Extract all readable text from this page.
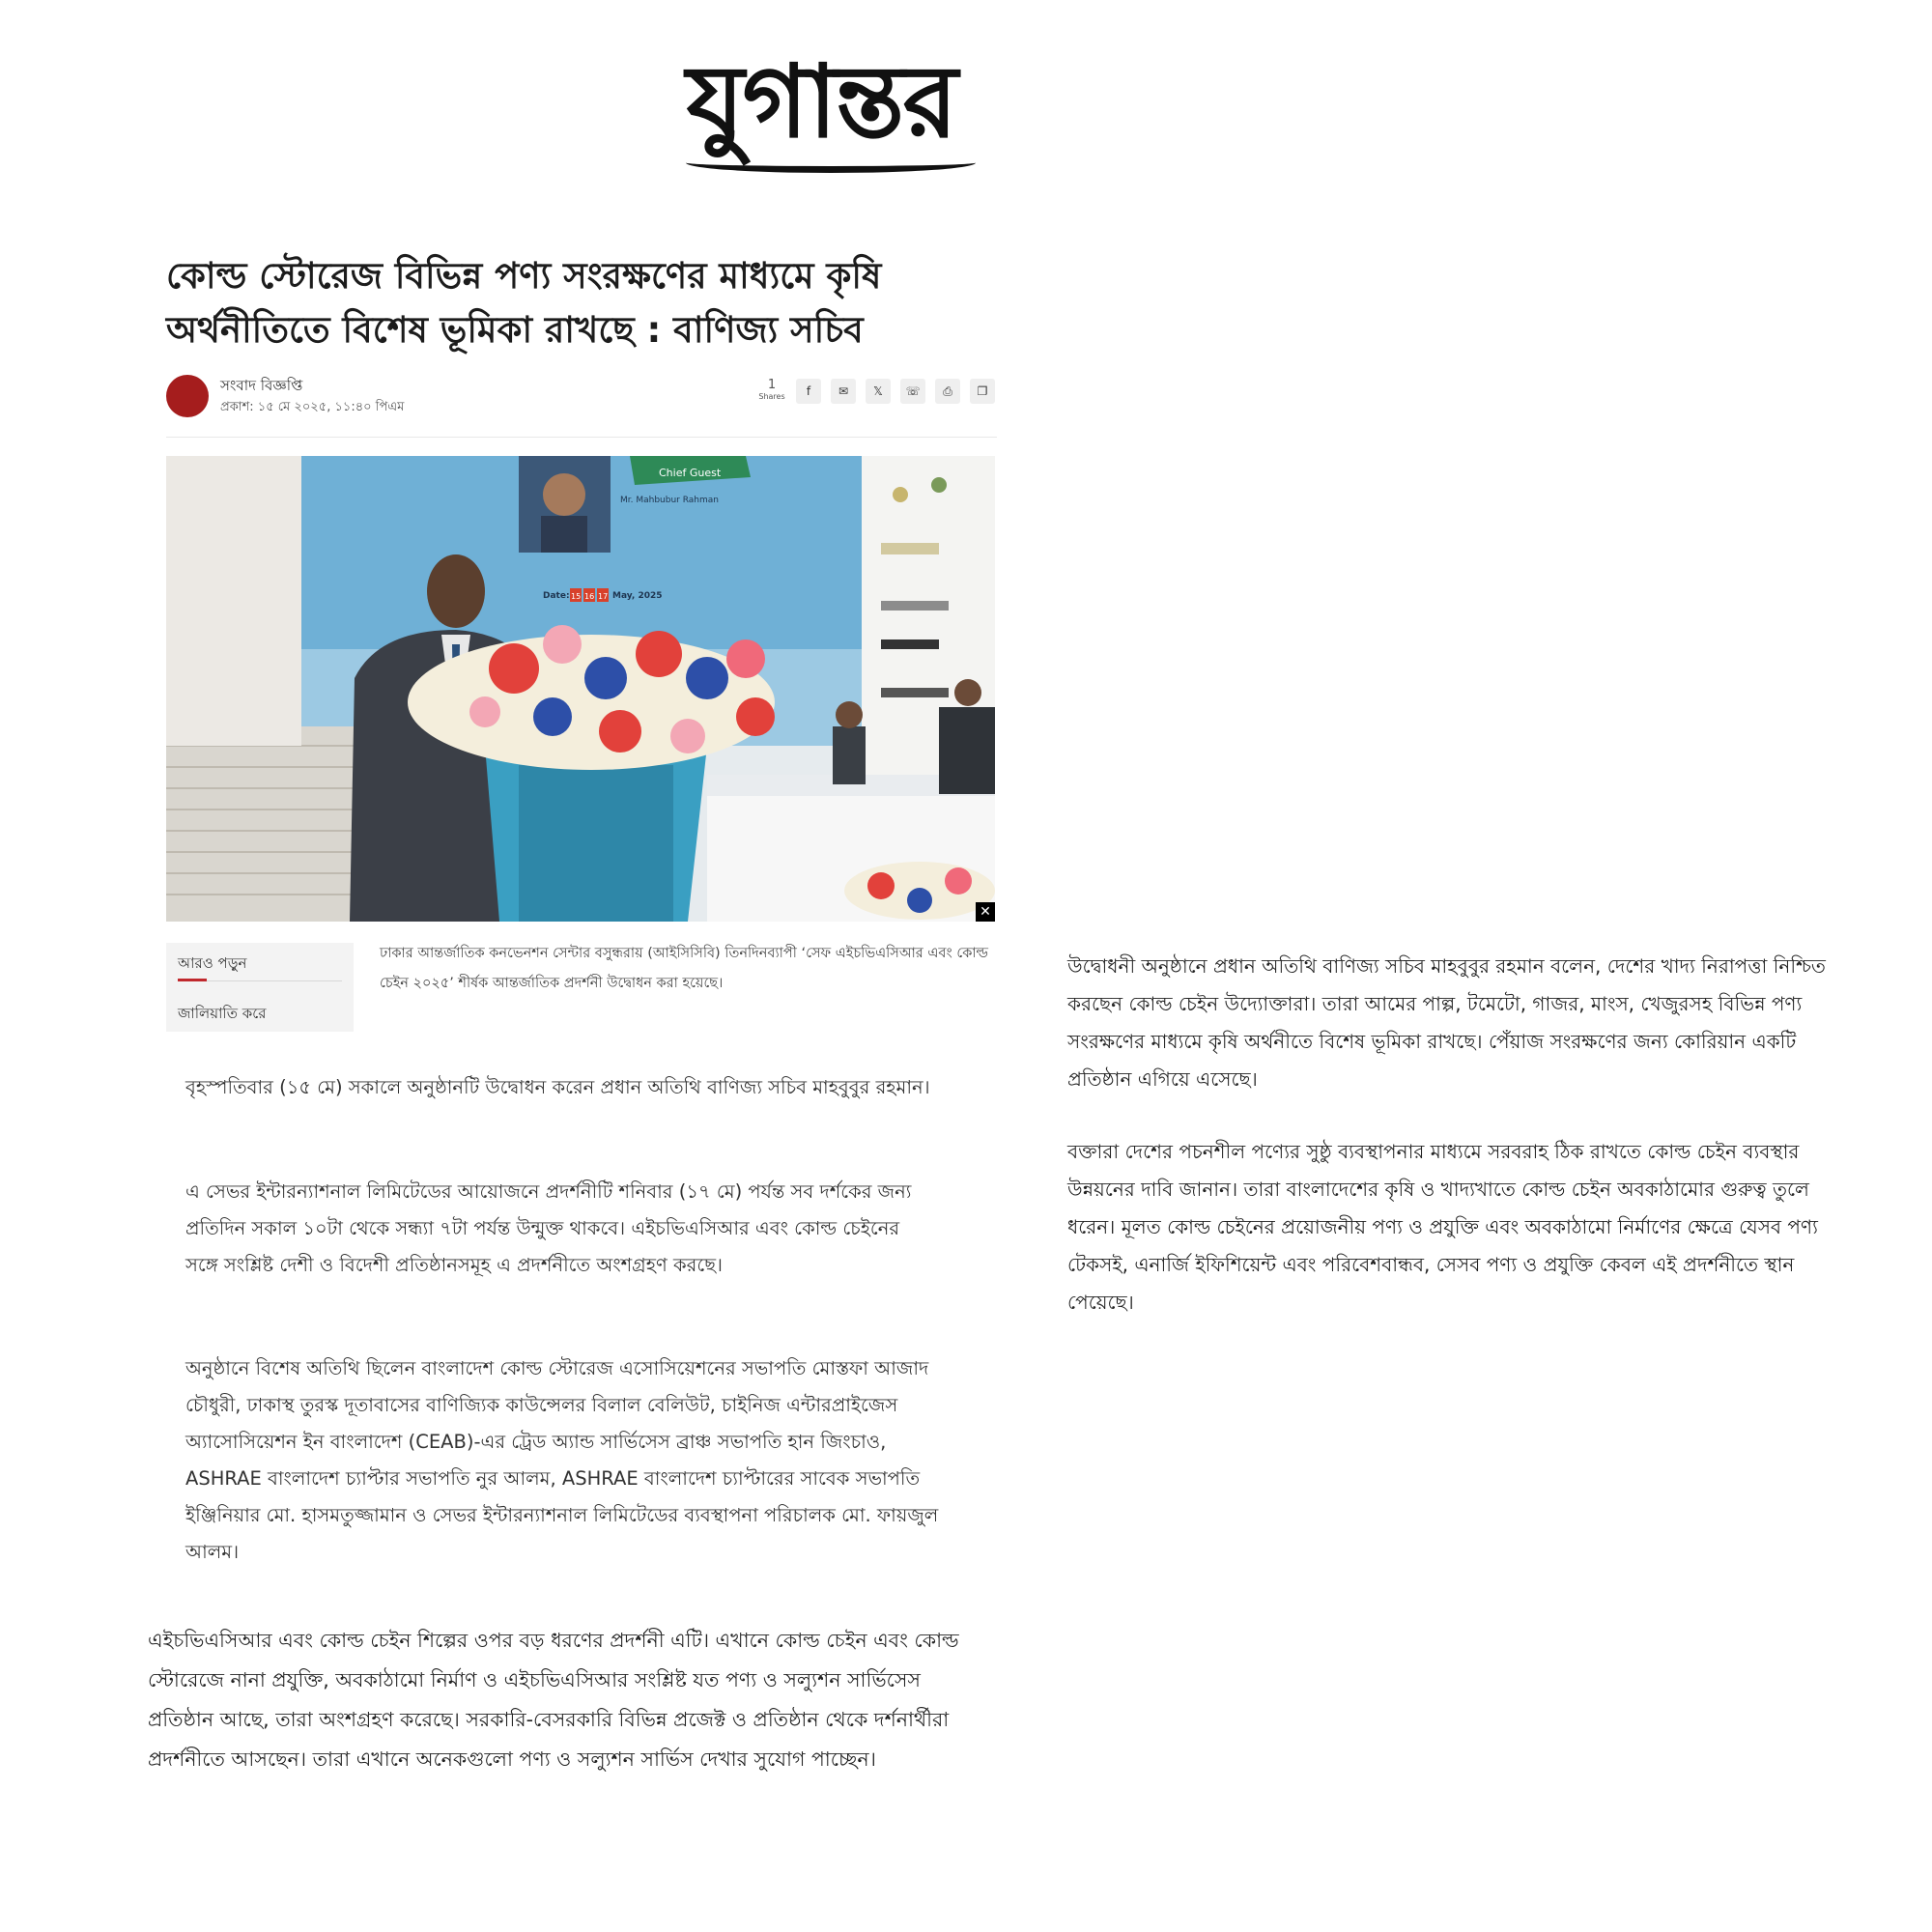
যুগান্তর
কোল্ড স্টোরেজ বিভিন্ন পণ্য সংরক্ষণের মাধ্যমে কৃষি অর্থনীতিতে বিশেষ ভূমিকা রাখছে : বাণিজ্য সচিব
সংবাদ বিজ্ঞপ্তি
প্রকাশ: ১৫ মে ২০২৫, ১১:৪০ পিএম
1
Shares	f	✉	𝕏	☏	⎙	❐
Chief Guest
Mr. Mahbubur Rahman
Date: 15 16 17 May, 2025
✕
আরও পড়ুন
জালিয়াতি করে
ঢাকার আন্তর্জাতিক কনভেনশন সেন্টার বসুন্ধরায় (আইসিসিবি) তিনদিনব্যাপী ‘সেফ এইচভিএসিআর এবং কোল্ড চেইন ২০২৫’ শীর্ষক আন্তর্জাতিক প্রদর্শনী উদ্বোধন করা হয়েছে।

বৃহস্পতিবার (১৫ মে) সকালে অনুষ্ঠানটি উদ্বোধন করেন প্রধান অতিথি বাণিজ্য সচিব মাহবুবুর রহমান।

এ সেভর ইন্টারন্যাশনাল লিমিটেডের আয়োজনে প্রদর্শনীটি শনিবার (১৭ মে) পর্যন্ত সব দর্শকের জন্য প্রতিদিন সকাল ১০টা থেকে সন্ধ্যা ৭টা পর্যন্ত উন্মুক্ত থাকবে। এইচভিএসিআর এবং কোল্ড চেইনের সঙ্গে সংশ্লিষ্ট দেশী ও বিদেশী প্রতিষ্ঠানসমূহ এ প্রদর্শনীতে অংশগ্রহণ করছে।

অনুষ্ঠানে বিশেষ অতিথি ছিলেন বাংলাদেশ কোল্ড স্টোরেজ এসোসিয়েশনের সভাপতি মোস্তফা আজাদ চৌধুরী, ঢাকাস্থ তুরস্ক দূতাবাসের বাণিজ্যিক কাউন্সেলর বিলাল বেলিউট, চাইনিজ এন্টারপ্রাইজেস অ্যাসোসিয়েশন ইন বাংলাদেশ (CEAB)-এর ট্রেড অ্যান্ড সার্ভিসেস ব্রাঞ্চ সভাপতি হান জিংচাও, ASHRAE বাংলাদেশ চ্যাপ্টার সভাপতি নুর আলম, ASHRAE বাংলাদেশ চ্যাপ্টারের সাবেক সভাপতি ইঞ্জিনিয়ার মো. হাসমতুজ্জামান ও সেভর ইন্টারন্যাশনাল লিমিটেডের ব্যবস্থাপনা পরিচালক মো. ফায়জুল আলম।

এইচভিএসিআর এবং কোল্ড চেইন শিল্পের ওপর বড় ধরণের প্রদর্শনী এটি। এখানে কোল্ড চেইন এবং কোল্ড স্টোরেজে নানা প্রযুক্তি, অবকাঠামো নির্মাণ ও এইচভিএসিআর সংশ্লিষ্ট যত পণ্য ও সল্যুশন সার্ভিসেস প্রতিষ্ঠান আছে, তারা অংশগ্রহণ করেছে। সরকারি-বেসরকারি বিভিন্ন প্রজেক্ট ও প্রতিষ্ঠান থেকে দর্শনার্থীরা প্রদর্শনীতে আসছেন। তারা এখানে অনেকগুলো পণ্য ও সল্যুশন সার্ভিস দেখার সুযোগ পাচ্ছেন।

উদ্বোধনী অনুষ্ঠানে প্রধান অতিথি বাণিজ্য সচিব মাহবুবুর রহমান বলেন, দেশের খাদ্য নিরাপত্তা নিশ্চিত করছেন কোল্ড চেইন উদ্যোক্তারা। তারা আমের পাল্প, টমেটো, গাজর, মাংস, খেজুরসহ বিভিন্ন পণ্য সংরক্ষণের মাধ্যমে কৃষি অর্থনীতে বিশেষ ভূমিকা রাখছে। পেঁয়াজ সংরক্ষণের জন্য কোরিয়ান একটি প্রতিষ্ঠান এগিয়ে এসেছে।

বক্তারা দেশের পচনশীল পণ্যের সুষ্ঠু ব্যবস্থাপনার মাধ্যমে সরবরাহ ঠিক রাখতে কোল্ড চেইন ব্যবস্থার উন্নয়নের দাবি জানান। তারা বাংলাদেশের কৃষি ও খাদ্যখাতে কোল্ড চেইন অবকাঠামোর গুরুত্ব তুলে ধরেন। মূলত কোল্ড চেইনের প্রয়োজনীয় পণ্য ও প্রযুক্তি এবং অবকাঠামো নির্মাণের ক্ষেত্রে যেসব পণ্য টেকসই, এনার্জি ইফিশিয়েন্ট এবং পরিবেশবান্ধব, সেসব পণ্য ও প্রযুক্তি কেবল এই প্রদর্শনীতে স্থান পেয়েছে।
